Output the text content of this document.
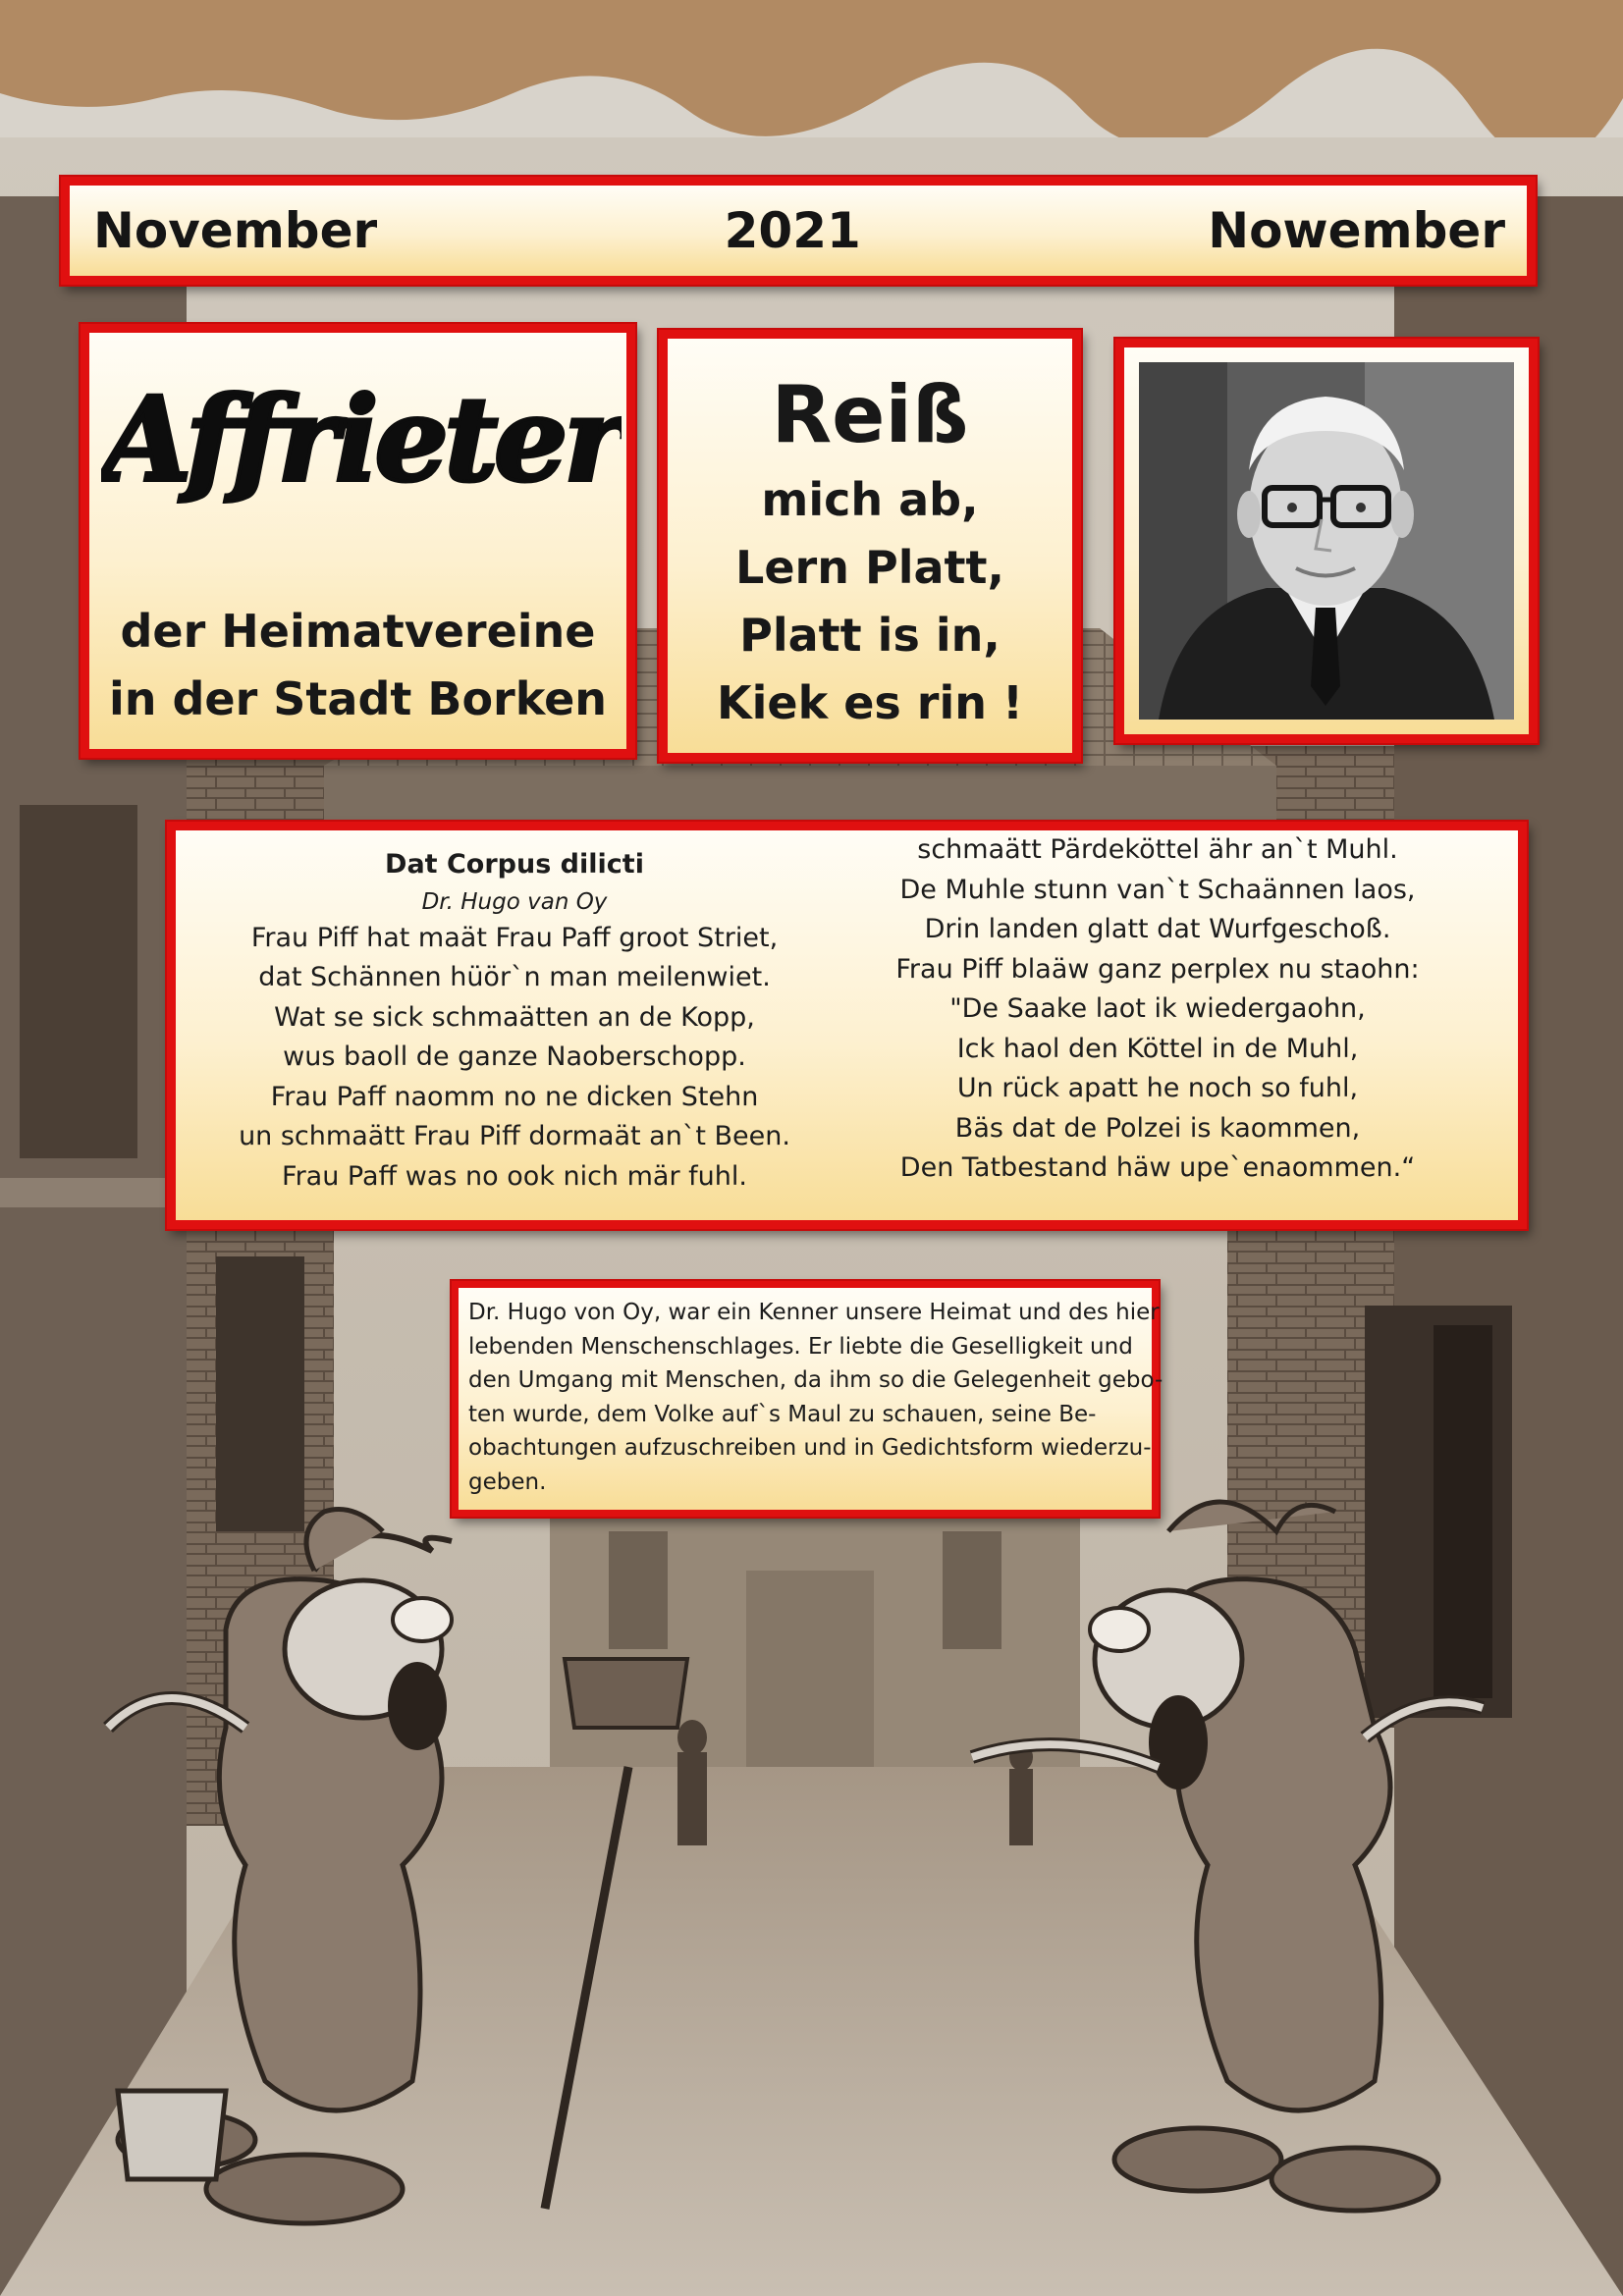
November	2021	Nowember
Affrieter
der Heimatvereine
in der Stadt Borken
Reiß
mich ab,
Lern Platt,
Platt is in,
Kiek es rin !
Dat Corpus dilicti
Dr. Hugo van Oy
Frau Piff hat maät Frau Paff groot Striet,
dat Schännen hüör`n man meilenwiet.
Wat se sick schmaätten an de Kopp,
wus baoll de ganze Naoberschopp.
Frau Paff naomm no ne dicken Stehn
un schmaätt Frau Piff dormaät an`t Been.
Frau Paff was no ook nich mär fuhl.
schmaätt Pärdeköttel ähr an`t Muhl.
De Muhle stunn van`t Schaännen laos,
Drin landen glatt dat Wurfgeschoß.
Frau Piff blaäw ganz perplex nu staohn:
"De Saake laot ik wiedergaohn,
Ick haol den Köttel in de Muhl,
Un rück apatt he noch so fuhl,
Bäs dat de Polzei is kaommen,
Den Tatbestand häw upe`enaommen.“
Dr. Hugo von Oy, war ein Kenner unsere Heimat und des hier
lebenden Menschenschlages. Er liebte die Geselligkeit und
den Umgang mit Menschen, da ihm so die Gelegenheit gebo-
ten wurde, dem Volke auf`s Maul zu schauen, seine Be-
obachtungen aufzuschreiben und in Gedichtsform wiederzu-
geben.
